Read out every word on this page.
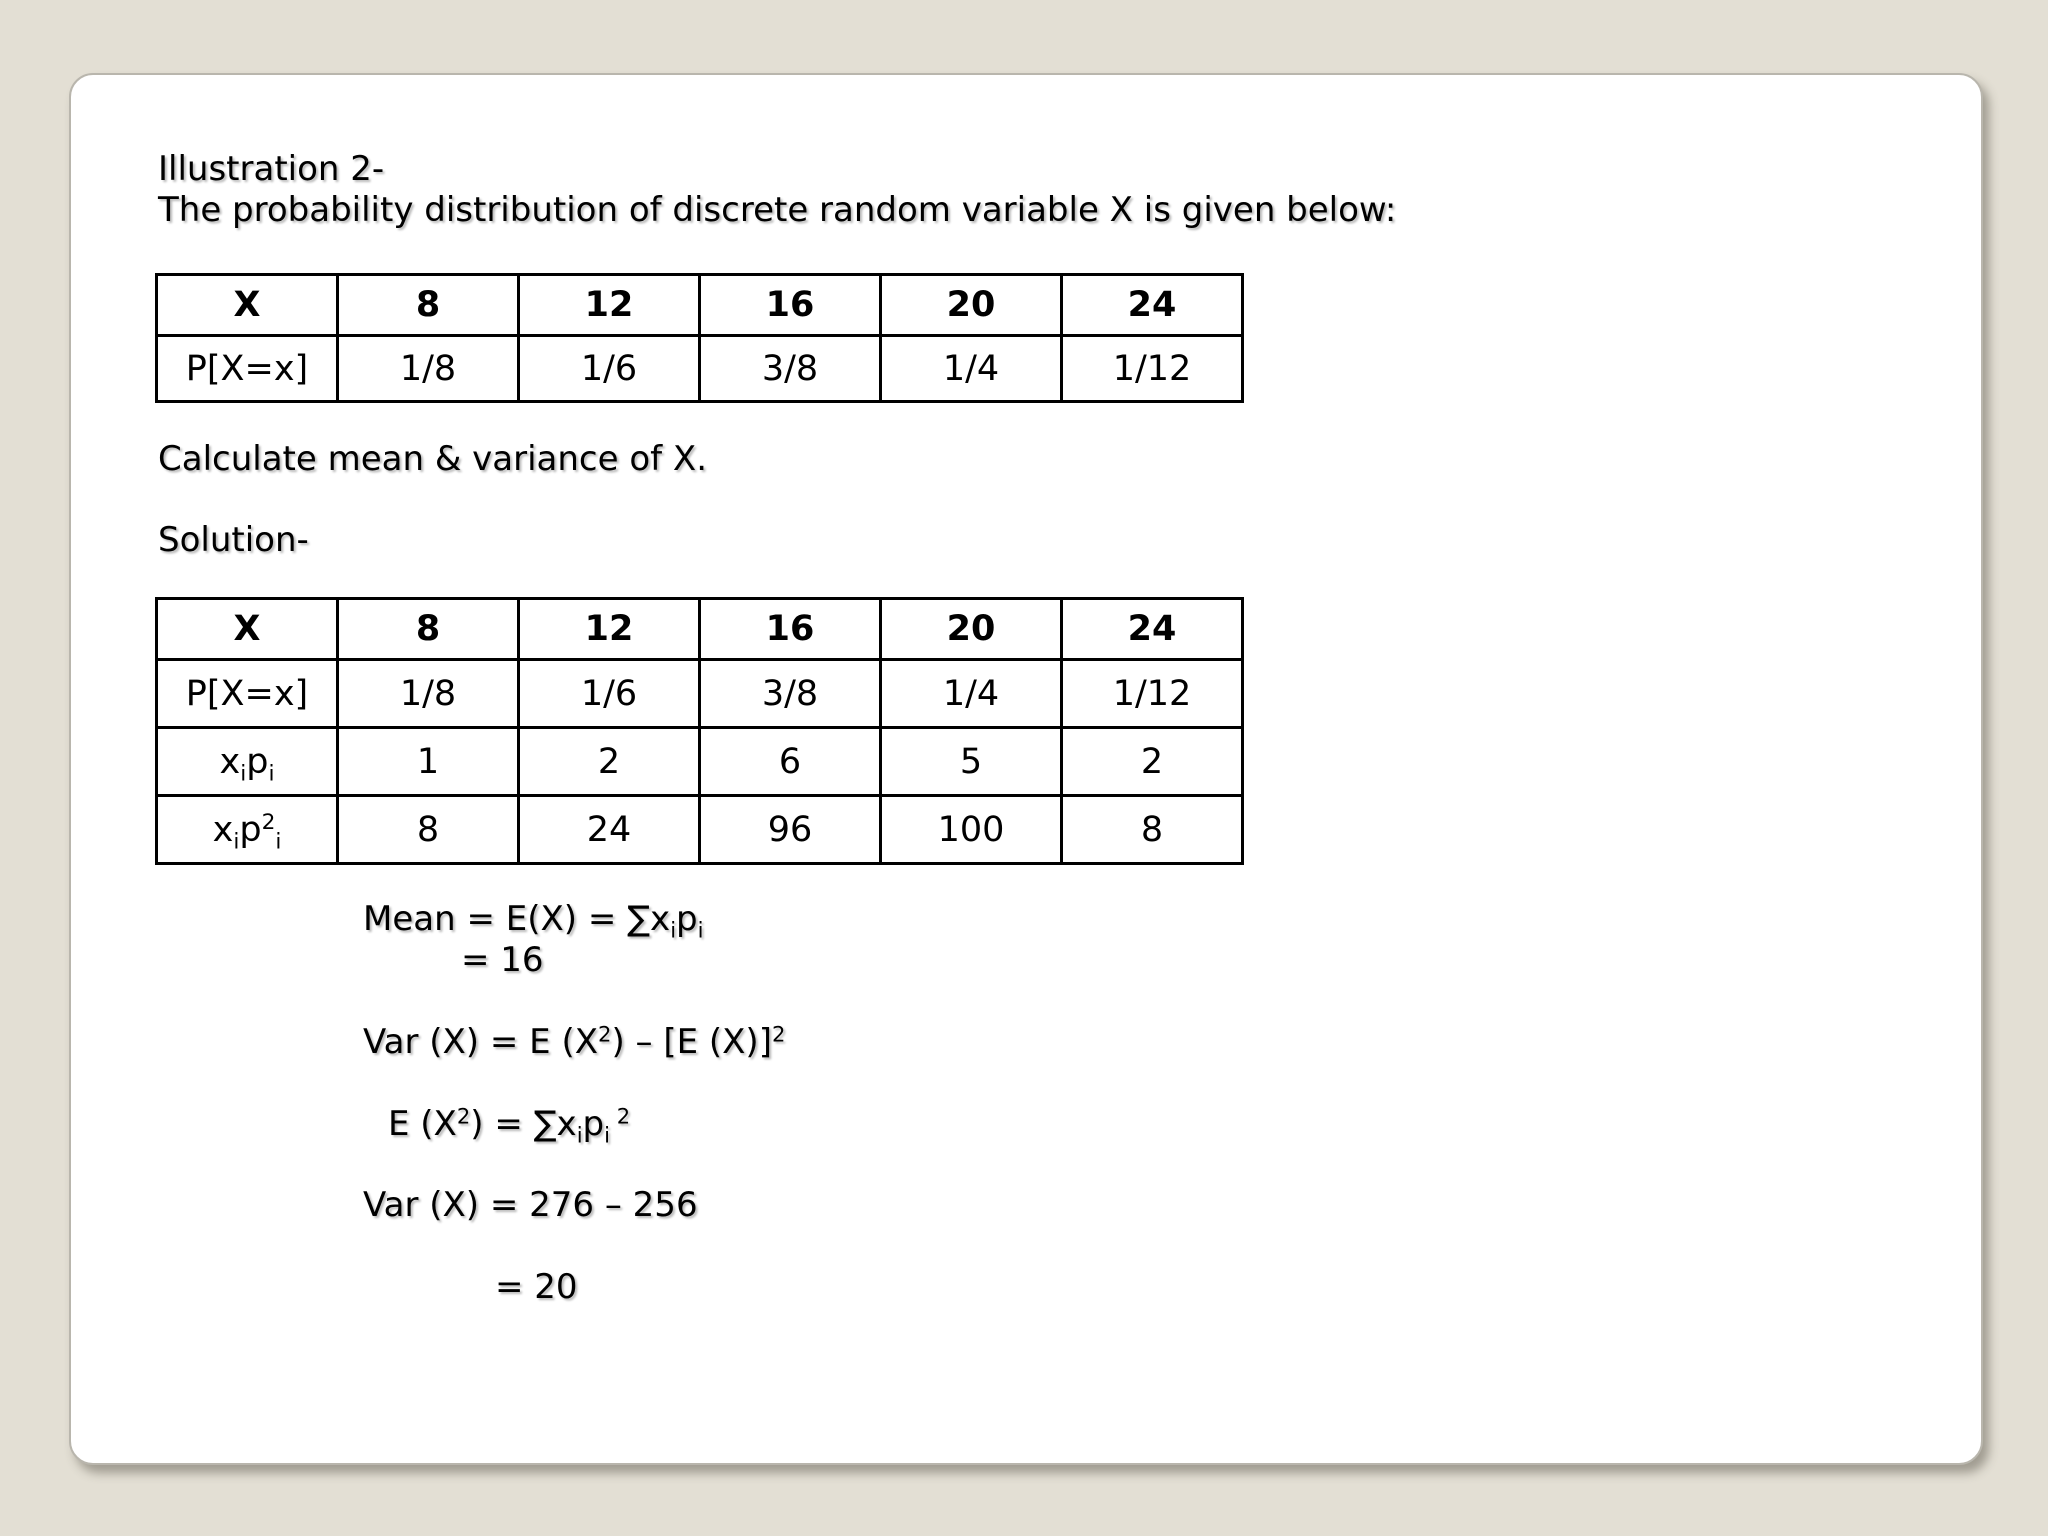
Illustration 2-
The probability distribution of discrete random variable X is given below:
X	8	12	16	20	24
P[X=x]	1/8	1/6	3/8	1/4	1/12
Calculate mean & variance of X.
Solution-
X	8	12	16	20	24
P[X=x]	1/8	1/6	3/8	1/4	1/12
$x_ip_i$	1	2	6	5	2
$x_ip^2_i$	8	24	96	100	8
Mean = $E(X) = \sum x_ip_i$
= 16
Var (X) = E $(X^2) - [E$ (X)]$^2$
E $(X^2) = \sum x_ip_i$ $^2$
Var (X) = 276 – 256
= 20
